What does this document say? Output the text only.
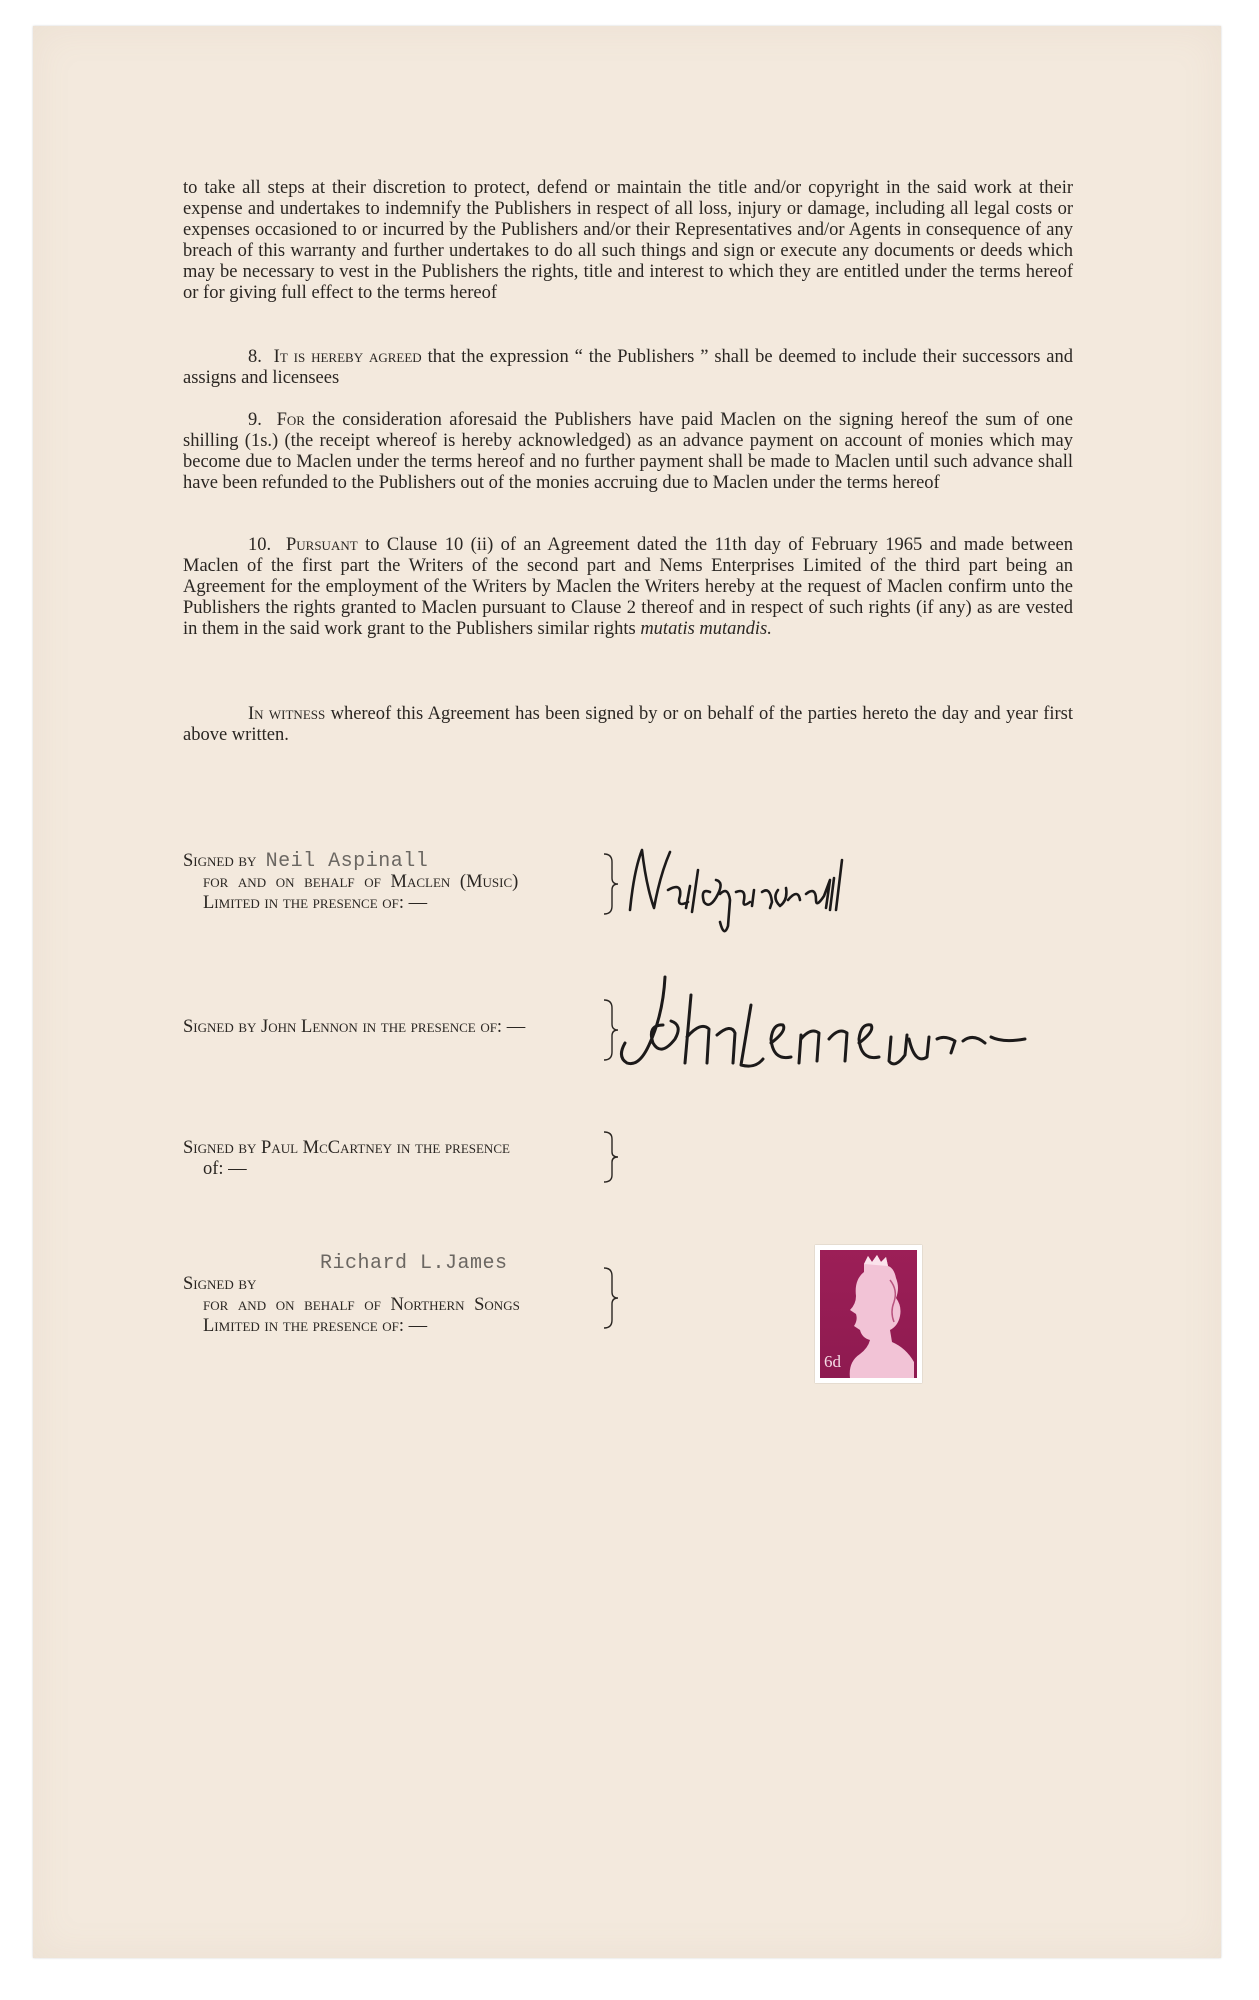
to take all steps at their discretion to protect, defend or maintain the title and/or copyright in the said work at their expense and undertakes to indemnify the Publishers in respect of all loss, injury or damage, including all legal costs or expenses occasioned to or incurred by the Publishers and/or their Representatives and/or Agents in consequence of any breach of this warranty and further undertakes to do all such things and sign or execute any documents or deeds which may be necessary to vest in the Publishers the rights, title and interest to which they are entitled under the terms hereof or for giving full effect to the terms hereof
8. It is hereby agreed that the expression “ the Publishers ” shall be deemed to include their successors and assigns and licensees
9. For the consideration aforesaid the Publishers have paid Maclen on the signing hereof the sum of one shilling (1s.) (the receipt whereof is hereby acknowledged) as an advance payment on account of monies which may become due to Maclen under the terms hereof and no further payment shall be made to Maclen until such advance shall have been refunded to the Publishers out of the monies accruing due to Maclen under the terms hereof
10. Pursuant to Clause 10 (ii) of an Agreement dated the 11th day of February 1965 and made between Maclen of the first part the Writers of the second part and Nems Enterprises Limited of the third part being an Agreement for the employment of the Writers by Maclen the Writers hereby at the request of Maclen confirm unto the Publishers the rights granted to Maclen pursuant to Clause 2 thereof and in respect of such rights (if any) as are vested in them in the said work grant to the Publishers similar rights mutatis mutandis.
In witness whereof this Agreement has been signed by or on behalf of the parties hereto the day and year first above written.
Signed by Neil Aspinall
for and on behalf of Maclen (Music)
Limited in the presence of: —
Signed by John Lennon in the presence of: —
Signed by Paul McCartney in the presence
of: —
Richard L.James
Signed by
for and on behalf of Northern Songs
Limited in the presence of: —
6d
